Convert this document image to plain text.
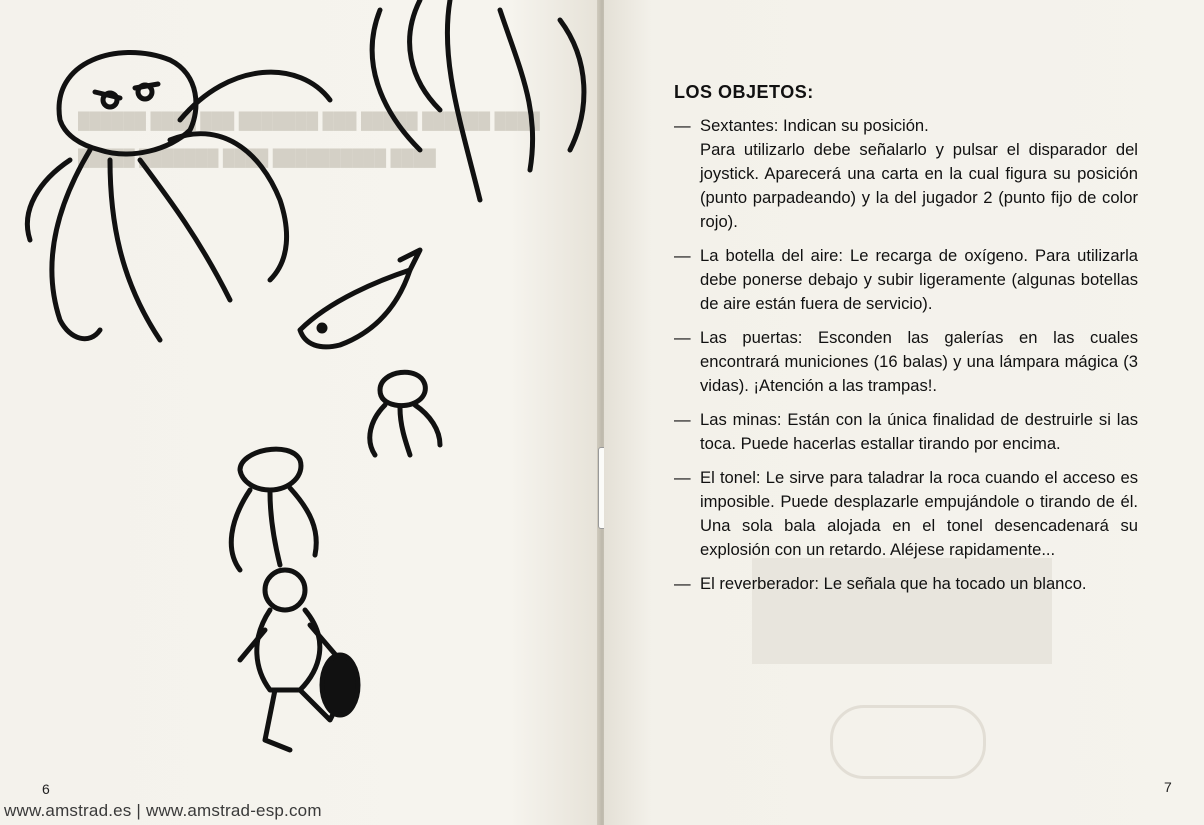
██████ ████ ███ ███████ ███ █████ ██████ ████

█████ ███████ ████ ██████████ ████

6
www.amstrad.es | www.amstrad-esp.com
LOS OBJETOS:
— Sextantes: Indican su posición.
Para utilizarlo debe señalarlo y pulsar el disparador del joystick. Aparecerá una carta en la cual figura su posición (punto parpadeando) y la del jugador 2 (punto fijo de color rojo).
— La botella del aire: Le recarga de oxígeno. Para utilizarla debe ponerse debajo y subir ligeramente (algunas botellas de aire están fuera de servicio).
— Las puertas: Esconden las galerías en las cuales encontrará municiones (16 balas) y una lámpara mágica (3 vidas). ¡Atención a las trampas!.
— Las minas: Están con la única finalidad de destruirle si las toca. Puede hacerlas estallar tirando por encima.
— El tonel: Le sirve para taladrar la roca cuando el acceso es imposible. Puede desplazarle empujándole o tirando de él. Una sola bala alojada en el tonel desencadenará su explosión con un retardo. Aléjese rapidamente...
— El reverberador: Le señala que ha tocado un blanco.
7
